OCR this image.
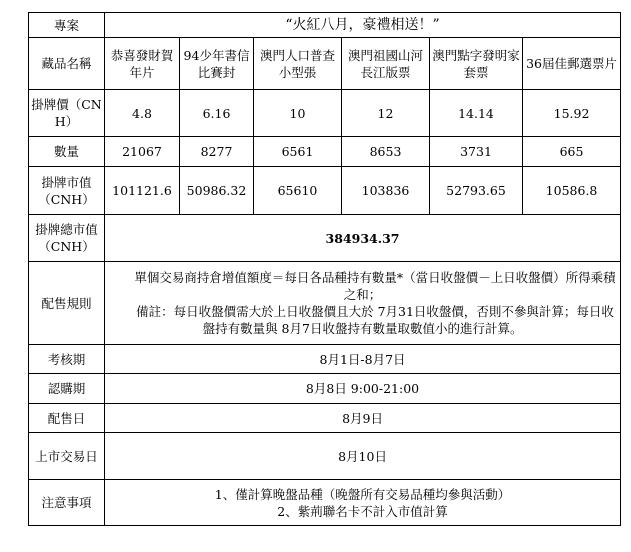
專案	“火紅八月，豪禮相送！”					
藏品名稱	恭喜發財賀年片	94少年書信比賽封	澳門人口普查小型張	澳門祖國山河長江版票	澳門點字發明家套票	36屆佳郵選票片
掛牌價（CNH）	4.8	6.16	10	12	14.14	15.92
數量	21067	8277	6561	8653	3731	665
掛牌市值（CNH）	101121.6	50986.32	65610	103836	52793.65	10586.8
掛牌總市值（CNH）	384934.37					
配售規則	單個交易商持倉增值額度＝每日各品種持有數量*（當日收盤價－上日收盤價）所得乘積之和；
備註：每日收盤價需大於上日收盤價且大於 7月31日收盤價，否則不參與計算；每日收盤持有數量與 8月7日收盤持有數量取數值小的進行計算。					

考核期	8月1日-8月7日					
認購期	8月8日 9:00-21:00					
配售日	8月9日					
上市交易日	8月10日					
注意事項	1、僅計算晚盤品種（晚盤所有交易品種均參與活動）
2、紫荊聯名卡不計入市值計算					
